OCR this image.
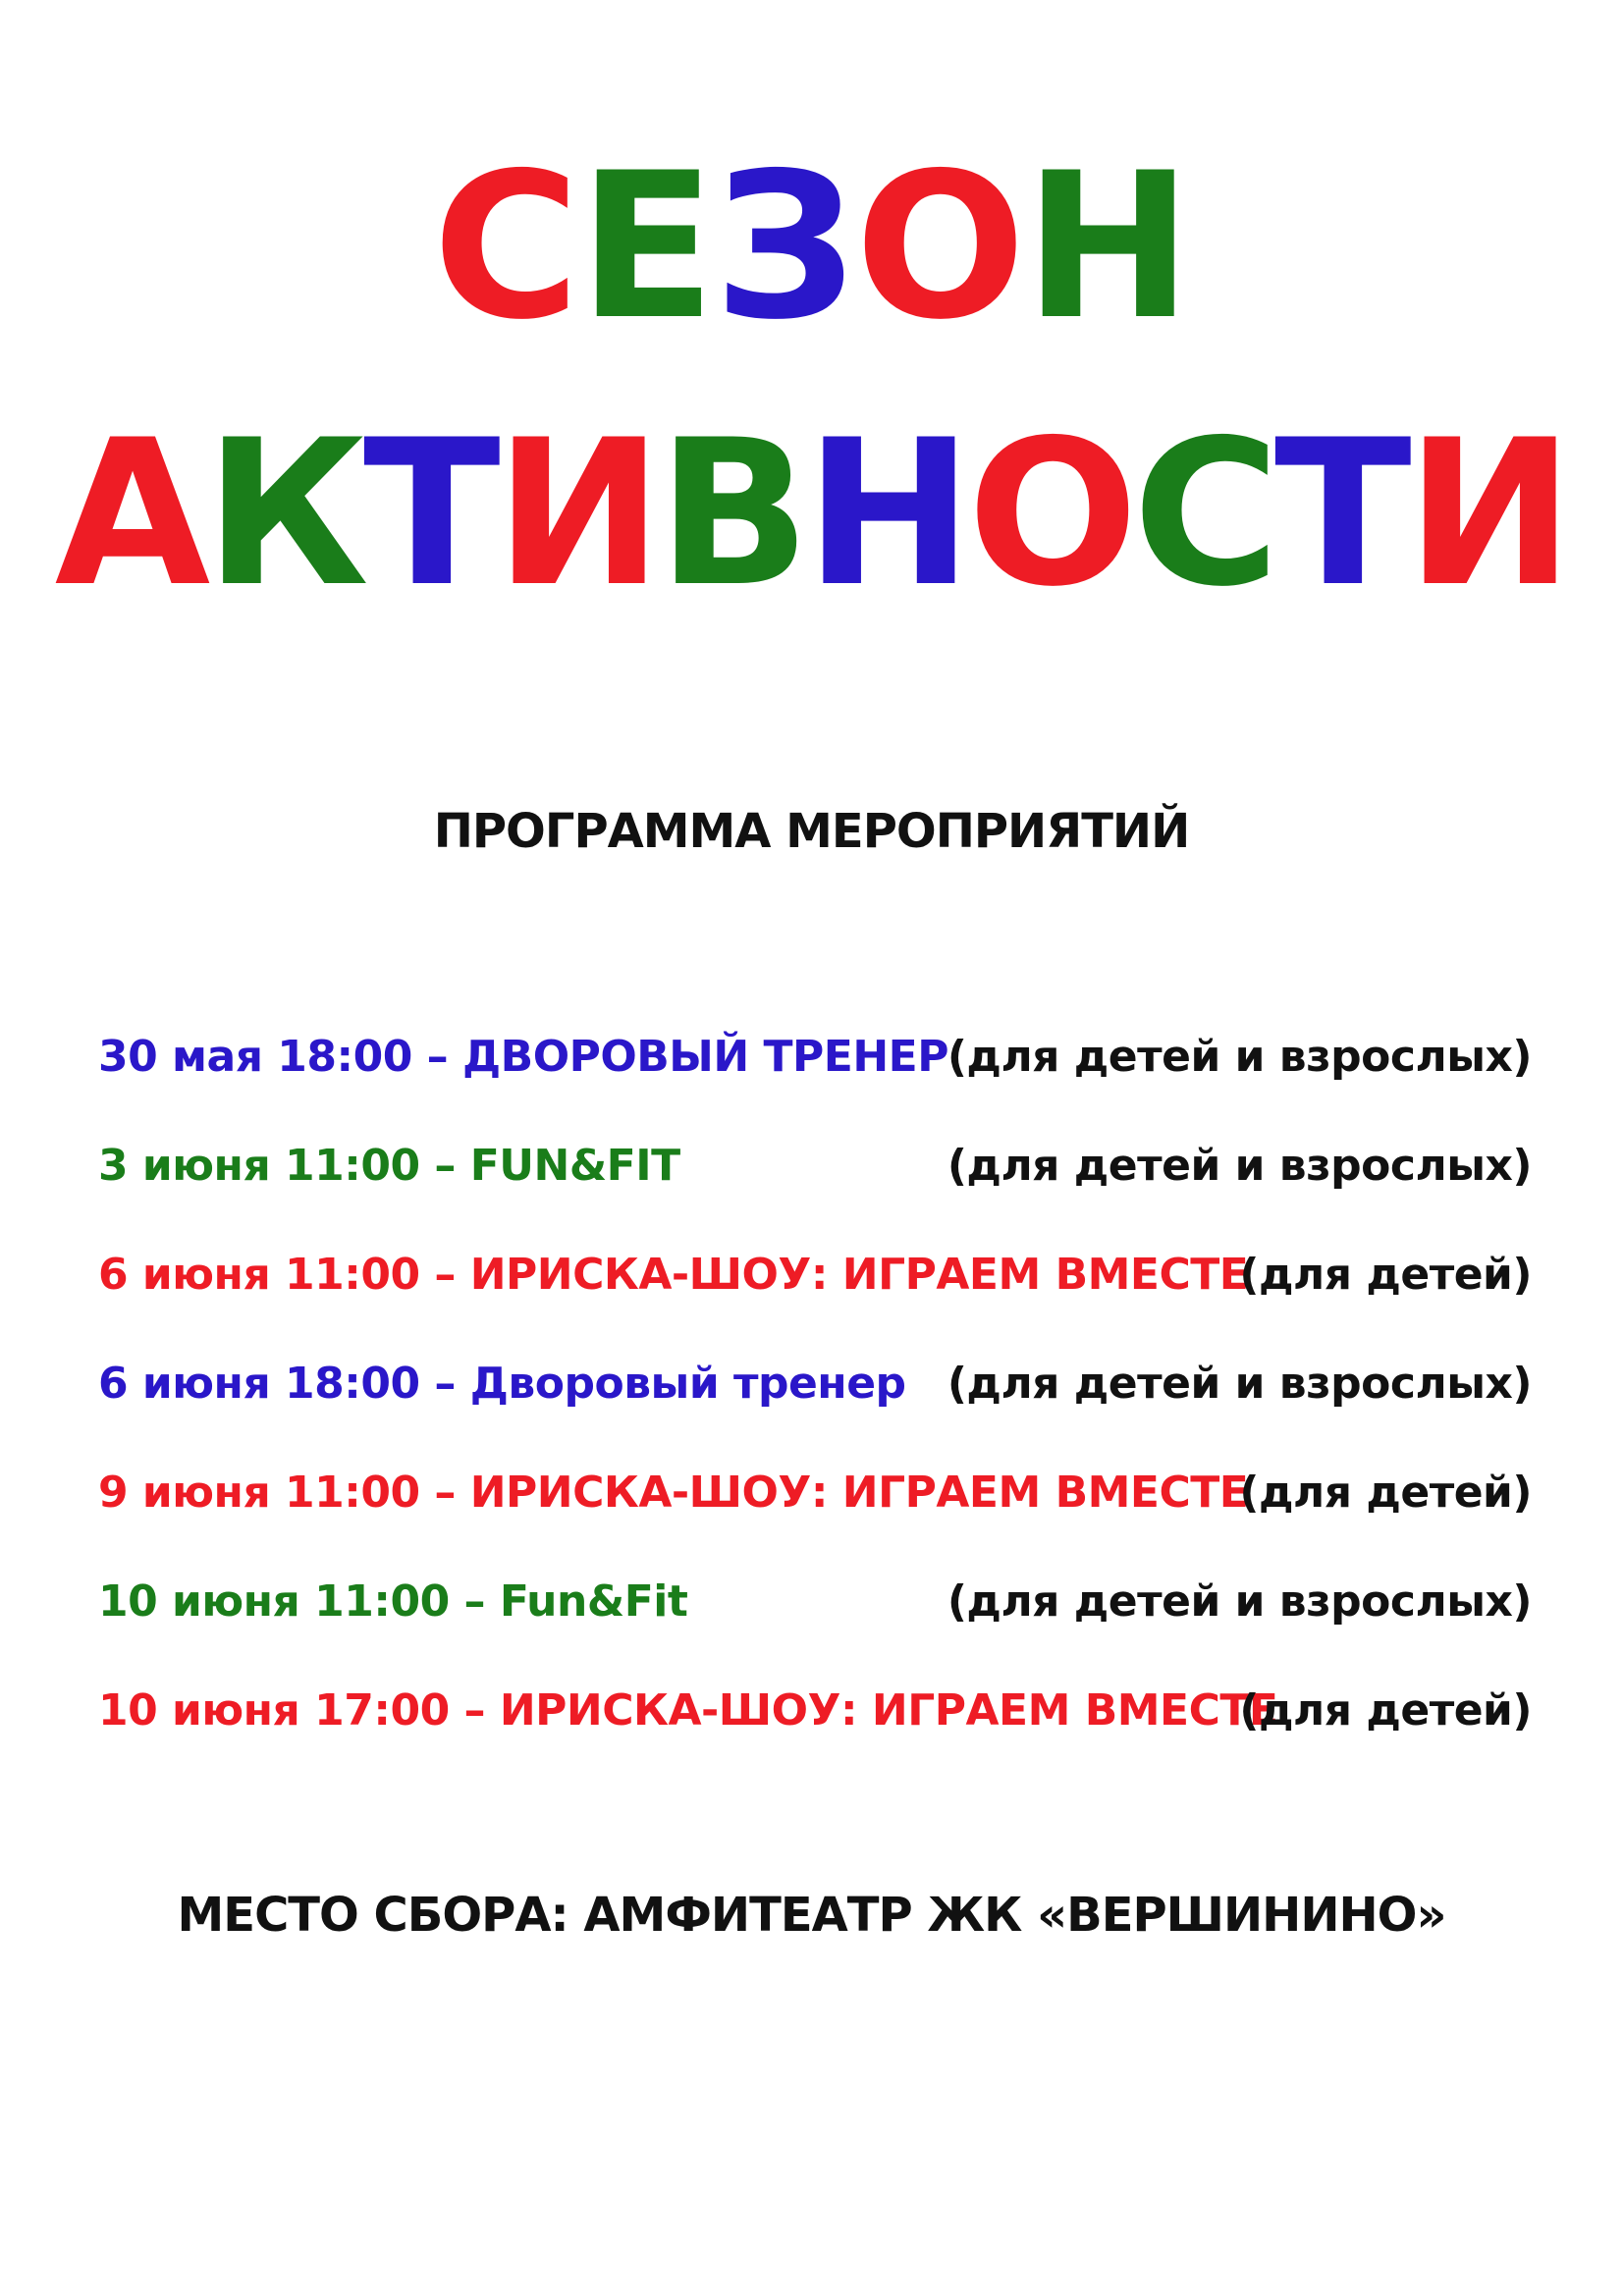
СЕЗОН
АКТИВНОСТИ
ПРОГРАММА МЕРОПРИЯТИЙ
30 мая 18:00 – ДВОРОВЫЙ ТРЕНЕР
(для детей и взрослых)
3 июня 11:00 – FUN&FIT	(для детей и взрослых)
6 июня 11:00 – ИРИСКА-ШОУ: ИГРАЕМ ВМЕСТЕ
(для детей)
6 июня 18:00 – Дворовый тренер (для детей и взрослых)
9 июня 11:00 – ИРИСКА-ШОУ: ИГРАЕМ ВМЕСТЕ
(для детей)
10 июня 11:00 – Fun&Fit	(для детей и взрослых)
10 июня 17:00 – ИРИСКА-ШОУ: ИГРАЕМ ВМЕСТЕ
(для детей)
МЕСТО СБОРА: АМФИТЕАТР ЖК «ВЕРШИНИНО»
